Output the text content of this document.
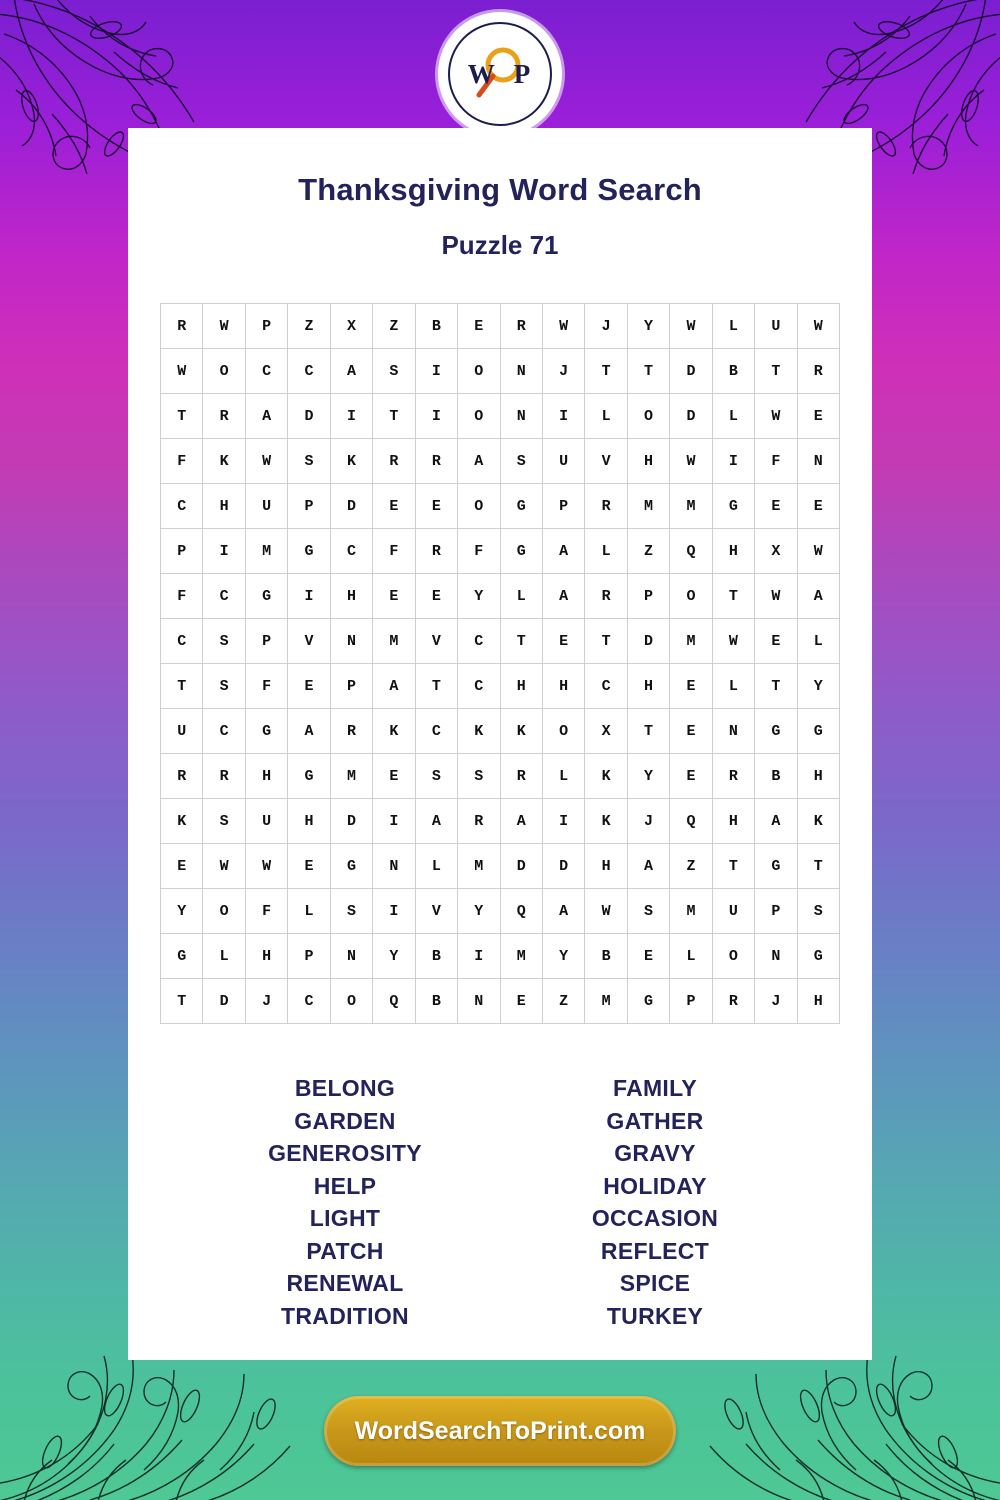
W P
Thanksgiving Word Search
Puzzle 71
R	W	P	Z	X	Z	B	E	R	W	J	Y	W	L	U	W
W	O	C	C	A	S	I	O	N	J	T	T	D	B	T	R
T	R	A	D	I	T	I	O	N	I	L	O	D	L	W	E
F	K	W	S	K	R	R	A	S	U	V	H	W	I	F	N
C	H	U	P	D	E	E	O	G	P	R	M	M	G	E	E
P	I	M	G	C	F	R	F	G	A	L	Z	Q	H	X	W
F	C	G	I	H	E	E	Y	L	A	R	P	O	T	W	A
C	S	P	V	N	M	V	C	T	E	T	D	M	W	E	L
T	S	F	E	P	A	T	C	H	H	C	H	E	L	T	Y
U	C	G	A	R	K	C	K	K	O	X	T	E	N	G	G
R	R	H	G	M	E	S	S	R	L	K	Y	E	R	B	H
K	S	U	H	D	I	A	R	A	I	K	J	Q	H	A	K
E	W	W	E	G	N	L	M	D	D	H	A	Z	T	G	T
Y	O	F	L	S	I	V	Y	Q	A	W	S	M	U	P	S
G	L	H	P	N	Y	B	I	M	Y	B	E	L	O	N	G
T	D	J	C	O	Q	B	N	E	Z	M	G	P	R	J	H
BELONG
GARDEN
GENEROSITY
HELP
LIGHT
PATCH
RENEWAL
TRADITION
FAMILY
GATHER
GRAVY
HOLIDAY
OCCASION
REFLECT
SPICE
TURKEY
WordSearchToPrint.com
